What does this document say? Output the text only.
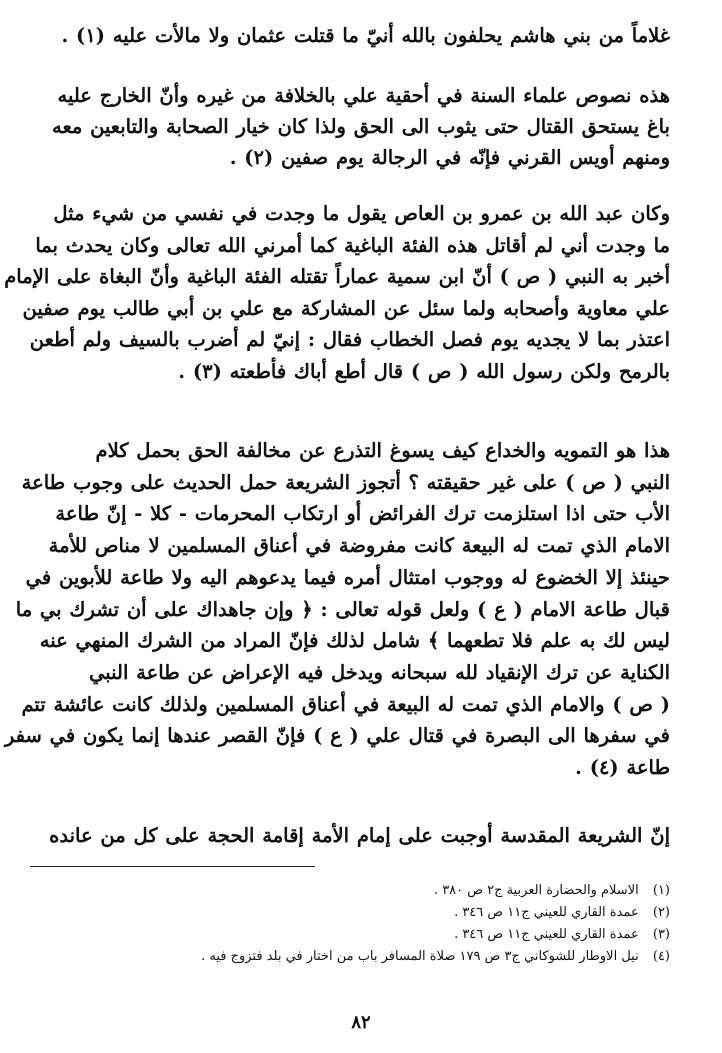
غلاماً من بني هاشم يحلفون بالله أنيّ ما قتلت عثمان ولا مالأت عليه (١) .

هذه نصوص علماء السنة في أحقية علي بالخلافة من غيره وأنّ الخارج عليه
باغ يستحق القتال حتى يثوب الى الحق ولذا كان خيار الصحابة والتابعين معه
ومنهم أويس القرني فإنّه في الرجالة يوم صفين (٢) .

وكان عبد الله بن عمرو بن العاص يقول ما وجدت في نفسي من شيء مثل
ما وجدت أني لم أقاتل هذه الفئة الباغية كما أمرني الله تعالى وكان يحدث بما
أخبر به النبي ( ص ) أنّ ابن سمية عماراً تقتله الفئة الباغية وأنّ البغاة على الإمام
علي معاوية وأصحابه ولما سئل عن المشاركة مع علي بن أبي طالب يوم صفين
اعتذر بما لا يجديه يوم فصل الخطاب فقال : إنيّ لم أضرب بالسيف ولم أطعن
بالرمح ولكن رسول الله ( ص ) قال أطع أباك فأطعته (٣) .

هذا هو التمويه والخداع كيف يسوغ التذرع عن مخالفة الحق بحمل كلام
النبي ( ص ) على غير حقيقته ؟ أتجوز الشريعة حمل الحديث على وجوب طاعة
الأب حتى اذا استلزمت ترك الفرائض أو ارتكاب المحرمات - كلا - إنّ طاعة
الامام الذي تمت له البيعة كانت مفروضة في أعناق المسلمين لا مناص للأمة
حينئذ إلا الخضوع له ووجوب امتثال أمره فيما يدعوهم اليه ولا طاعة للأبوين في
قبال طاعة الامام ( ع ) ولعل قوله تعالى : ﴿ وإن جاهداك على أن تشرك بي ما
ليس لك به علم فلا تطعهما ﴾ شامل لذلك فإنّ المراد من الشرك المنهي عنه
الكناية عن ترك الإنقياد لله سبحانه ويدخل فيه الإعراض عن طاعة النبي
( ص ) والامام الذي تمت له البيعة في أعناق المسلمين ولذلك كانت عائشة تتم
في سفرها الى البصرة في قتال علي ( ع ) فإنّ القصر عندها إنما يكون في سفر
طاعة (٤) .

إنّ الشريعة المقدسة أوجبت على إمام الأمة إقامة الحجة على كل من عانده

(١) الاسلام والحضارة العربية ج٢ ص ٣٨٠ .
(٢) عمدة القاري للعيني ج١١ ص ٣٤٦ .
(٣) عمدة القاري للعيني ج١١ ص ٣٤٦ .
(٤) نيل الاوطار للشوكاني ج٣ ص ١٧٩ صلاة المسافر باب من اختار في بلد فتزوج فيه .
٨٢
